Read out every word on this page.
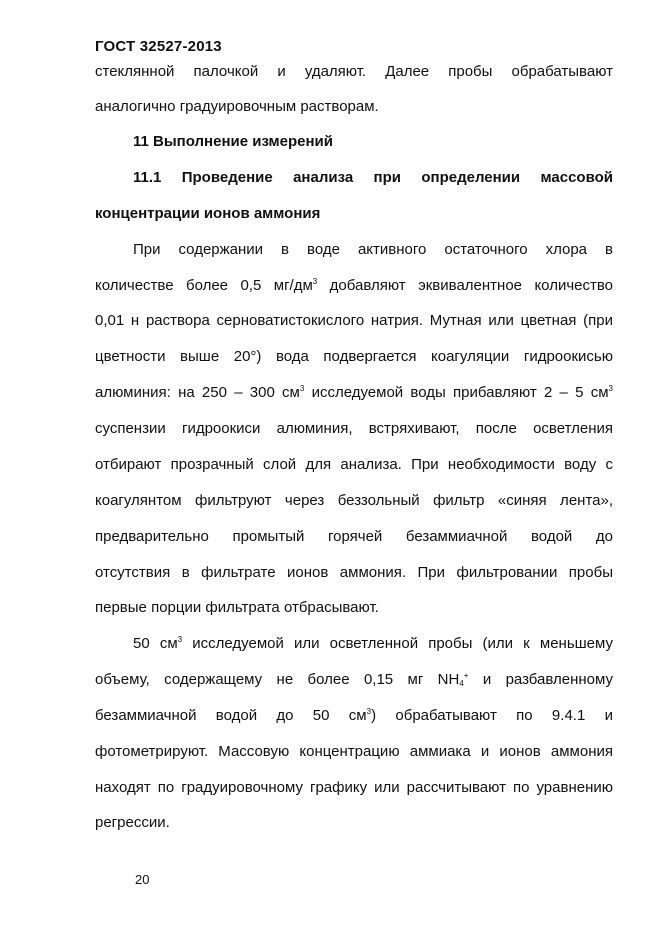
ГОСТ 32527-2013
стеклянной палочкой и удаляют. Далее пробы обрабатывают
аналогично градуировочным растворам.
11 Выполнение измерений
11.1 Проведение анализа при определении массовой
концентрации ионов аммония
При содержании в воде активного остаточного хлора в
количестве более 0,5 $мг/дм^3$ добавляют эквивалентное количество
0,01 н раствора серноватистокислого натрия. Мутная или цветная (при
цветности выше 20°) вода подвергается коагуляции гидроокисью
алюминия: на 250 – 300 $см^3$ исследуемой воды прибавляют 2 – 5 $см^3$
суспензии гидроокиси алюминия, встряхивают, после осветления
отбирают прозрачный слой для анализа. При необходимости воду с
коагулянтом фильтруют через беззольный фильтр «синяя лента»,
предварительно промытый горячей безаммиачной водой до
отсутствия в фильтрате ионов аммония. При фильтровании пробы
первые порции фильтрата отбрасывают.
50 $см^3$ исследуемой или осветленной пробы (или к меньшему
объему, содержащему не более 0,15 мг $NH_4^+$ и разбавленному
безаммиачной водой до 50 $см^3$) обрабатывают по 9.4.1 и
фотометрируют. Массовую концентрацию аммиака и ионов аммония
находят по градуировочному графику или рассчитывают по уравнению
регрессии.
20
